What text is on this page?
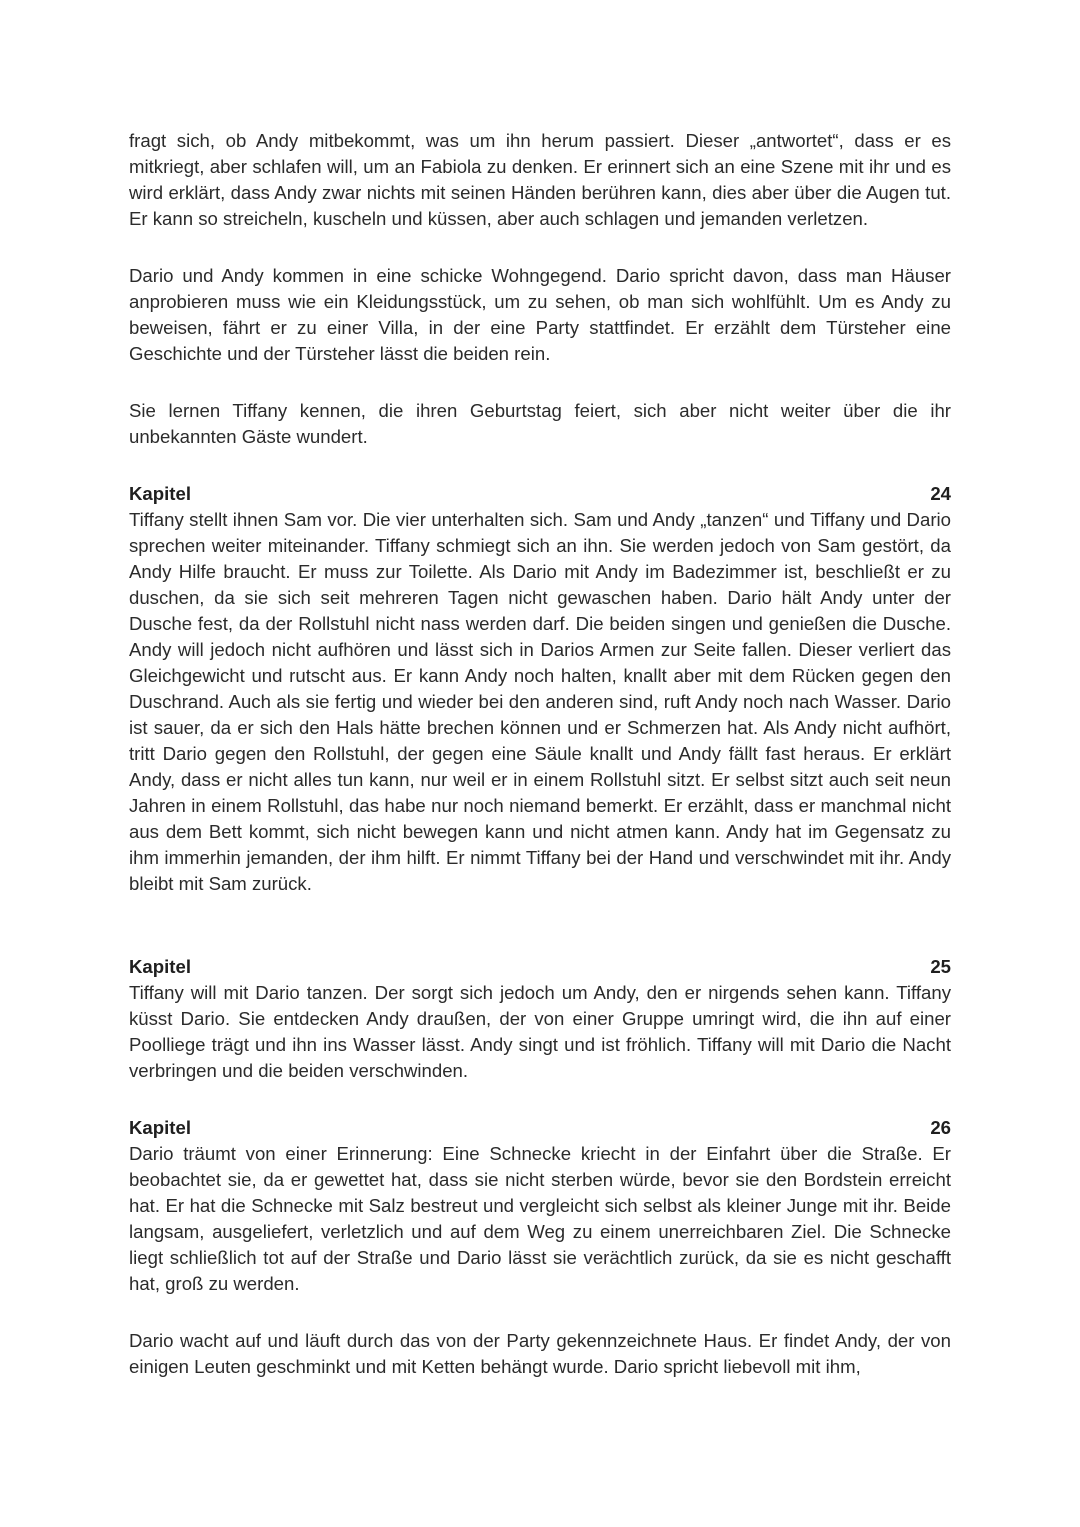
fragt sich, ob Andy mitbekommt, was um ihn herum passiert. Dieser „antwortet“, dass er es mitkriegt, aber schlafen will, um an Fabiola zu denken. Er erinnert sich an eine Szene mit ihr und es wird erklärt, dass Andy zwar nichts mit seinen Händen berühren kann, dies aber über die Augen tut. Er kann so streicheln, kuscheln und küssen, aber auch schlagen und jemanden verletzen.

Dario und Andy kommen in eine schicke Wohngegend. Dario spricht davon, dass man Häuser anprobieren muss wie ein Kleidungsstück, um zu sehen, ob man sich wohlfühlt. Um es Andy zu beweisen, fährt er zu einer Villa, in der eine Party stattfindet. Er erzählt dem Türsteher eine Geschichte und der Türsteher lässt die beiden rein.

Sie lernen Tiffany kennen, die ihren Geburtstag feiert, sich aber nicht weiter über die ihr unbekannten Gäste wundert.

Kapitel	24

Tiffany stellt ihnen Sam vor. Die vier unterhalten sich. Sam und Andy „tanzen“ und Tiffany und Dario sprechen weiter miteinander. Tiffany schmiegt sich an ihn. Sie werden jedoch von Sam gestört, da Andy Hilfe braucht. Er muss zur Toilette. Als Dario mit Andy im Badezimmer ist, beschließt er zu duschen, da sie sich seit mehreren Tagen nicht gewaschen haben. Dario hält Andy unter der Dusche fest, da der Rollstuhl nicht nass werden darf. Die beiden singen und genießen die Dusche. Andy will jedoch nicht aufhören und lässt sich in Darios Armen zur Seite fallen. Dieser verliert das Gleichgewicht und rutscht aus. Er kann Andy noch halten, knallt aber mit dem Rücken gegen den Duschrand. Auch als sie fertig und wieder bei den anderen sind, ruft Andy noch nach Wasser. Dario ist sauer, da er sich den Hals hätte brechen können und er Schmerzen hat. Als Andy nicht aufhört, tritt Dario gegen den Rollstuhl, der gegen eine Säule knallt und Andy fällt fast heraus. Er erklärt Andy, dass er nicht alles tun kann, nur weil er in einem Rollstuhl sitzt. Er selbst sitzt auch seit neun Jahren in einem Rollstuhl, das habe nur noch niemand bemerkt. Er erzählt, dass er manchmal nicht aus dem Bett kommt, sich nicht bewegen kann und nicht atmen kann. Andy hat im Gegensatz zu ihm immerhin jemanden, der ihm hilft. Er nimmt Tiffany bei der Hand und verschwindet mit ihr. Andy bleibt mit Sam zurück.

Kapitel	25

Tiffany will mit Dario tanzen. Der sorgt sich jedoch um Andy, den er nirgends sehen kann. Tiffany küsst Dario. Sie entdecken Andy draußen, der von einer Gruppe umringt wird, die ihn auf einer Poolliege trägt und ihn ins Wasser lässt. Andy singt und ist fröhlich. Tiffany will mit Dario die Nacht verbringen und die beiden verschwinden.

Kapitel	26

Dario träumt von einer Erinnerung: Eine Schnecke kriecht in der Einfahrt über die Straße. Er beobachtet sie, da er gewettet hat, dass sie nicht sterben würde, bevor sie den Bordstein erreicht hat. Er hat die Schnecke mit Salz bestreut und vergleicht sich selbst als kleiner Junge mit ihr. Beide langsam, ausgeliefert, verletzlich und auf dem Weg zu einem unerreichbaren Ziel. Die Schnecke liegt schließlich tot auf der Straße und Dario lässt sie verächtlich zurück, da sie es nicht geschafft hat, groß zu werden.

Dario wacht auf und läuft durch das von der Party gekennzeichnete Haus. Er findet Andy, der von einigen Leuten geschminkt und mit Ketten behängt wurde. Dario spricht liebevoll mit ihm,
